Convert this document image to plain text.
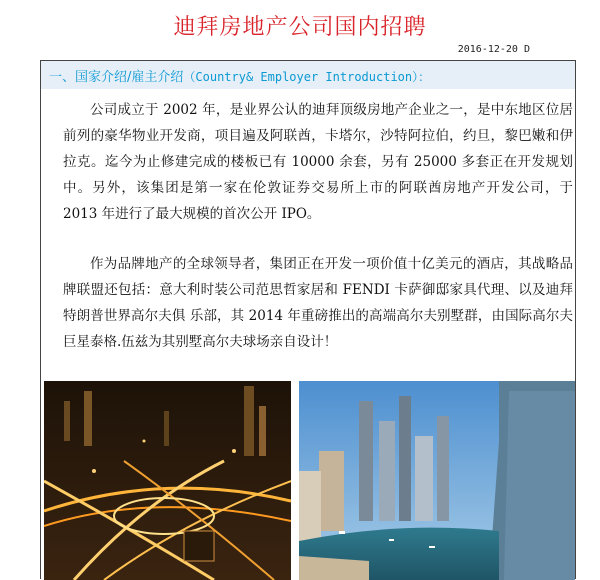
迪拜房地产公司国内招聘
2016-12-20 D
一、国家介绍/雇主介绍（Country& Employer Introduction）：
公司成立于 2002 年，是业界公认的迪拜顶级房地产企业之一，是中东地区位居前列的豪华物业开发商，项目遍及阿联酋，卡塔尔，沙特阿拉伯，约旦，黎巴嫩和伊拉克。迄今为止修建完成的楼板已有 10000 余套，另有 25000 多套正在开发规划中。另外，该集团是第一家在伦敦证券交易所上市的阿联酋房地产开发公司，于 2013 年进行了最大规模的首次公开 IPO。
作为品牌地产的全球领导者，集团正在开发一项价值十亿美元的酒店，其战略品牌联盟还包括：意大利时装公司范思哲家居和 FENDI 卡萨御邸家具代理、以及迪拜特朗普世界高尔夫俱 乐部，其 2014 年重磅推出的高端高尔夫别墅群，由国际高尔夫巨星泰格.伍兹为其别墅高尔夫球场亲自设计！
